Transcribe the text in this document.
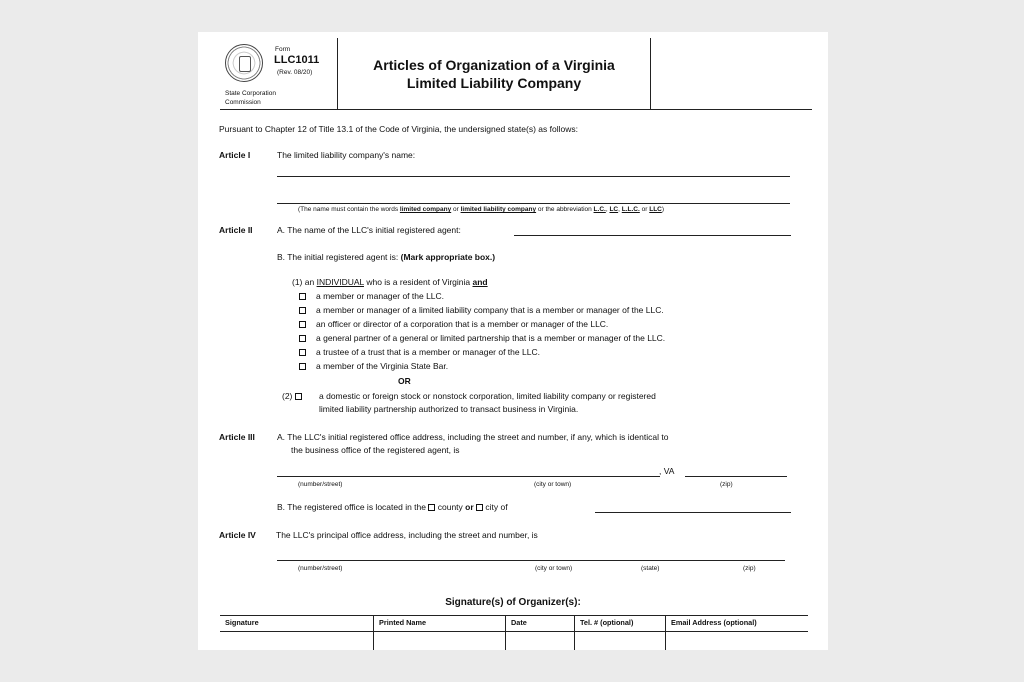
Form
LLC1011
(Rev. 08/20)
State Corporation
Commission
Articles of Organization of a Virginia
Limited Liability Company
Pursuant to Chapter 12 of Title 13.1 of the Code of Virginia, the undersigned state(s) as follows:
Article I	The limited liability company's name:
(The name must contain the words limited company or limited liability company or the abbreviation L.C., LC, L.L.C. or LLC)
Article II	A. The name of the LLC's initial registered agent:
B. The initial registered agent is: (Mark appropriate box.)
(1) an INDIVIDUAL who is a resident of Virginia and
a member or manager of the LLC.
a member or manager of a limited liability company that is a member or manager of the LLC.
an officer or director of a corporation that is a member or manager of the LLC.
a general partner of a general or limited partnership that is a member or manager of the LLC.
a trustee of a trust that is a member or manager of the LLC.
a member of the Virginia State Bar.
OR
(2)	a domestic or foreign stock or nonstock corporation, limited liability company or registered
limited liability partnership authorized to transact business in Virginia.
Article III	A. The LLC's initial registered office address, including the street and number, if any, which is identical to
the business office of the registered agent, is
, VA
(number/street)	(city or town)	(zip)
B. The registered office is located in the county or city of
Article IV The LLC's principal office address, including the street and number, is
(number/street)	(city or town)	(state)	(zip)
Signature(s) of Organizer(s):
Signature	Printed Name	Date	Tel. # (optional)	Email Address (optional)
